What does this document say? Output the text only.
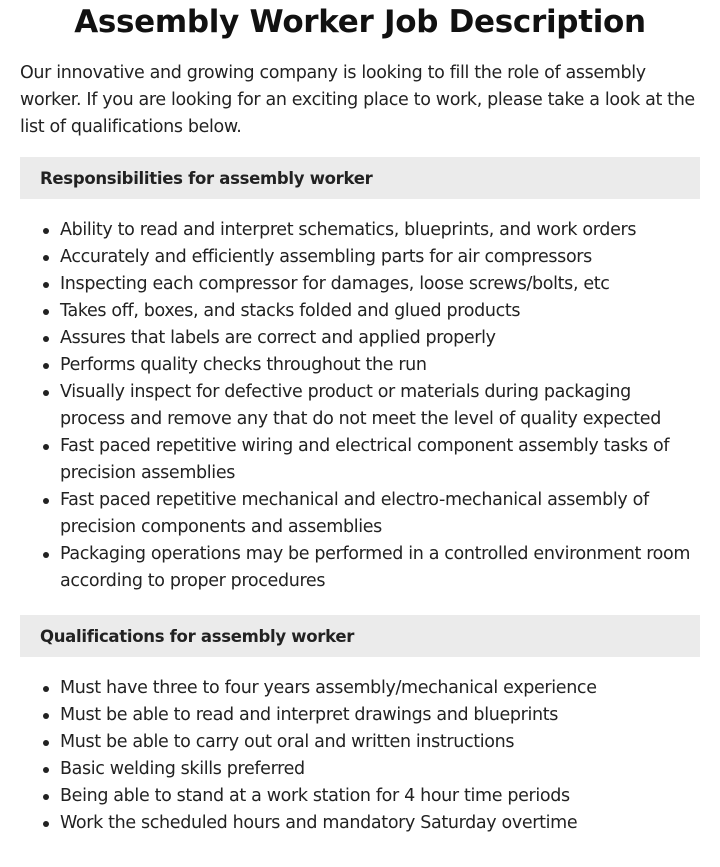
Assembly Worker Job Description

Our innovative and growing company is looking to fill the role of assembly worker. If you are looking for an exciting place to work, please take a look at the list of qualifications below.

Responsibilities for assembly worker
Ability to read and interpret schematics, blueprints, and work orders
Accurately and efficiently assembling parts for air compressors
Inspecting each compressor for damages, loose screws/bolts, etc
Takes off, boxes, and stacks folded and glued products
Assures that labels are correct and applied properly
Performs quality checks throughout the run
Visually inspect for defective product or materials during packaging process and remove any that do not meet the level of quality expected
Fast paced repetitive wiring and electrical component assembly tasks of precision assemblies
Fast paced repetitive mechanical and electro-mechanical assembly of precision components and assemblies
Packaging operations may be performed in a controlled environment room according to proper procedures
Qualifications for assembly worker
Must have three to four years assembly/mechanical experience
Must be able to read and interpret drawings and blueprints
Must be able to carry out oral and written instructions
Basic welding skills preferred
Being able to stand at a work station for 4 hour time periods
Work the scheduled hours and mandatory Saturday overtime
